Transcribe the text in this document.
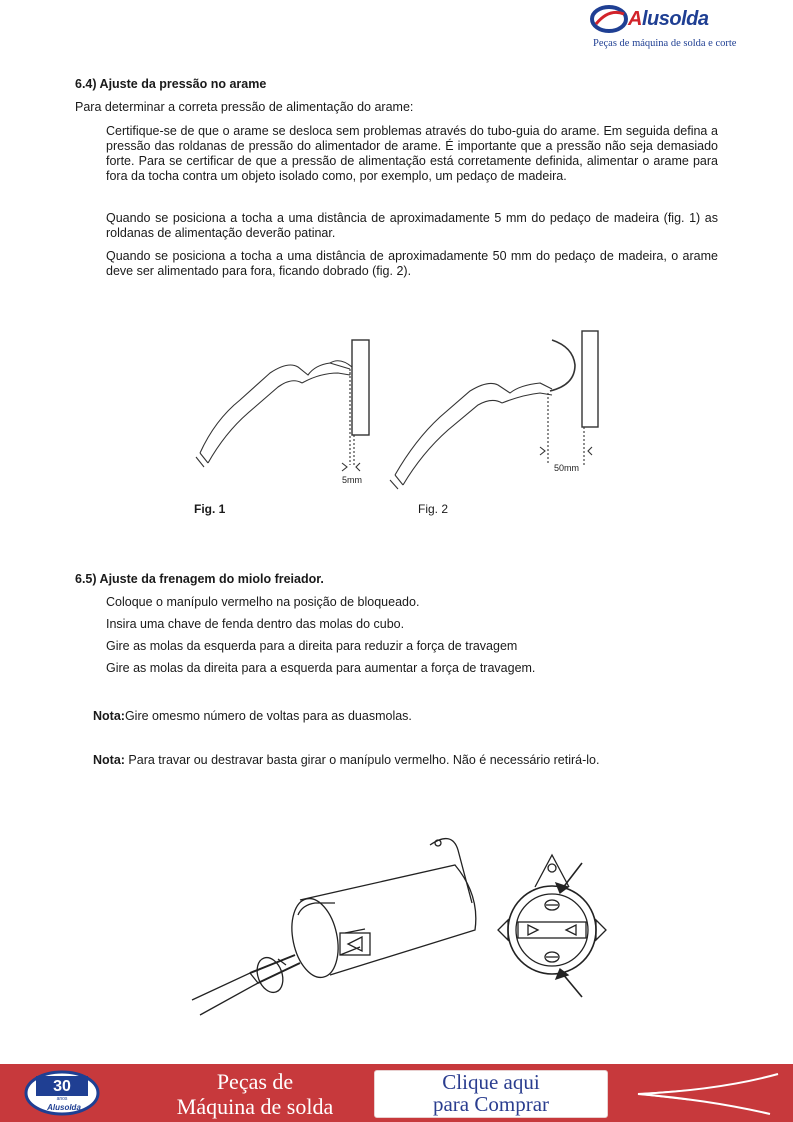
Alusolda
Peças de máquina de solda e corte
6.4) Ajuste da pressão no arame
Para determinar a correta pressão de alimentação do arame:
Certifique-se de que o arame se desloca sem problemas através do tubo-guia do arame. Em seguida defina a pressão das roldanas de pressão do alimentador de arame. É importante que a pressão não seja demasiado forte. Para se certificar de que a pressão de alimentação está corretamente definida, alimentar o arame para fora da tocha contra um objeto isolado como, por exemplo, um pedaço de madeira.
Quando se posiciona a tocha a uma distância de aproximadamente 5 mm do pedaço de madeira (fig. 1) as roldanas de alimentação deverão patinar.
Quando se posiciona a tocha a uma distância de aproximadamente 50 mm do pedaço de madeira, o arame deve ser alimentado para fora, ficando dobrado (fig. 2).
5mm
50mm
Fig. 1	Fig. 2
6.5) Ajuste da frenagem do miolo freiador.
Coloque o manípulo vermelho na posição de bloqueado.
Insira uma chave de fenda dentro das molas do cubo.
Gire as molas da esquerda para a direita para reduzir a força de travagem
Gire as molas da direita para a esquerda para aumentar a força de travagem.
Nota:Gire omesmo número de voltas para as duasmolas.
Nota: Para travar ou destravar basta girar o manípulo vermelho. Não é necessário retirá-lo.
30
anos
Alusolda
Peças de
Máquina de solda
Clique aqui
para Comprar
